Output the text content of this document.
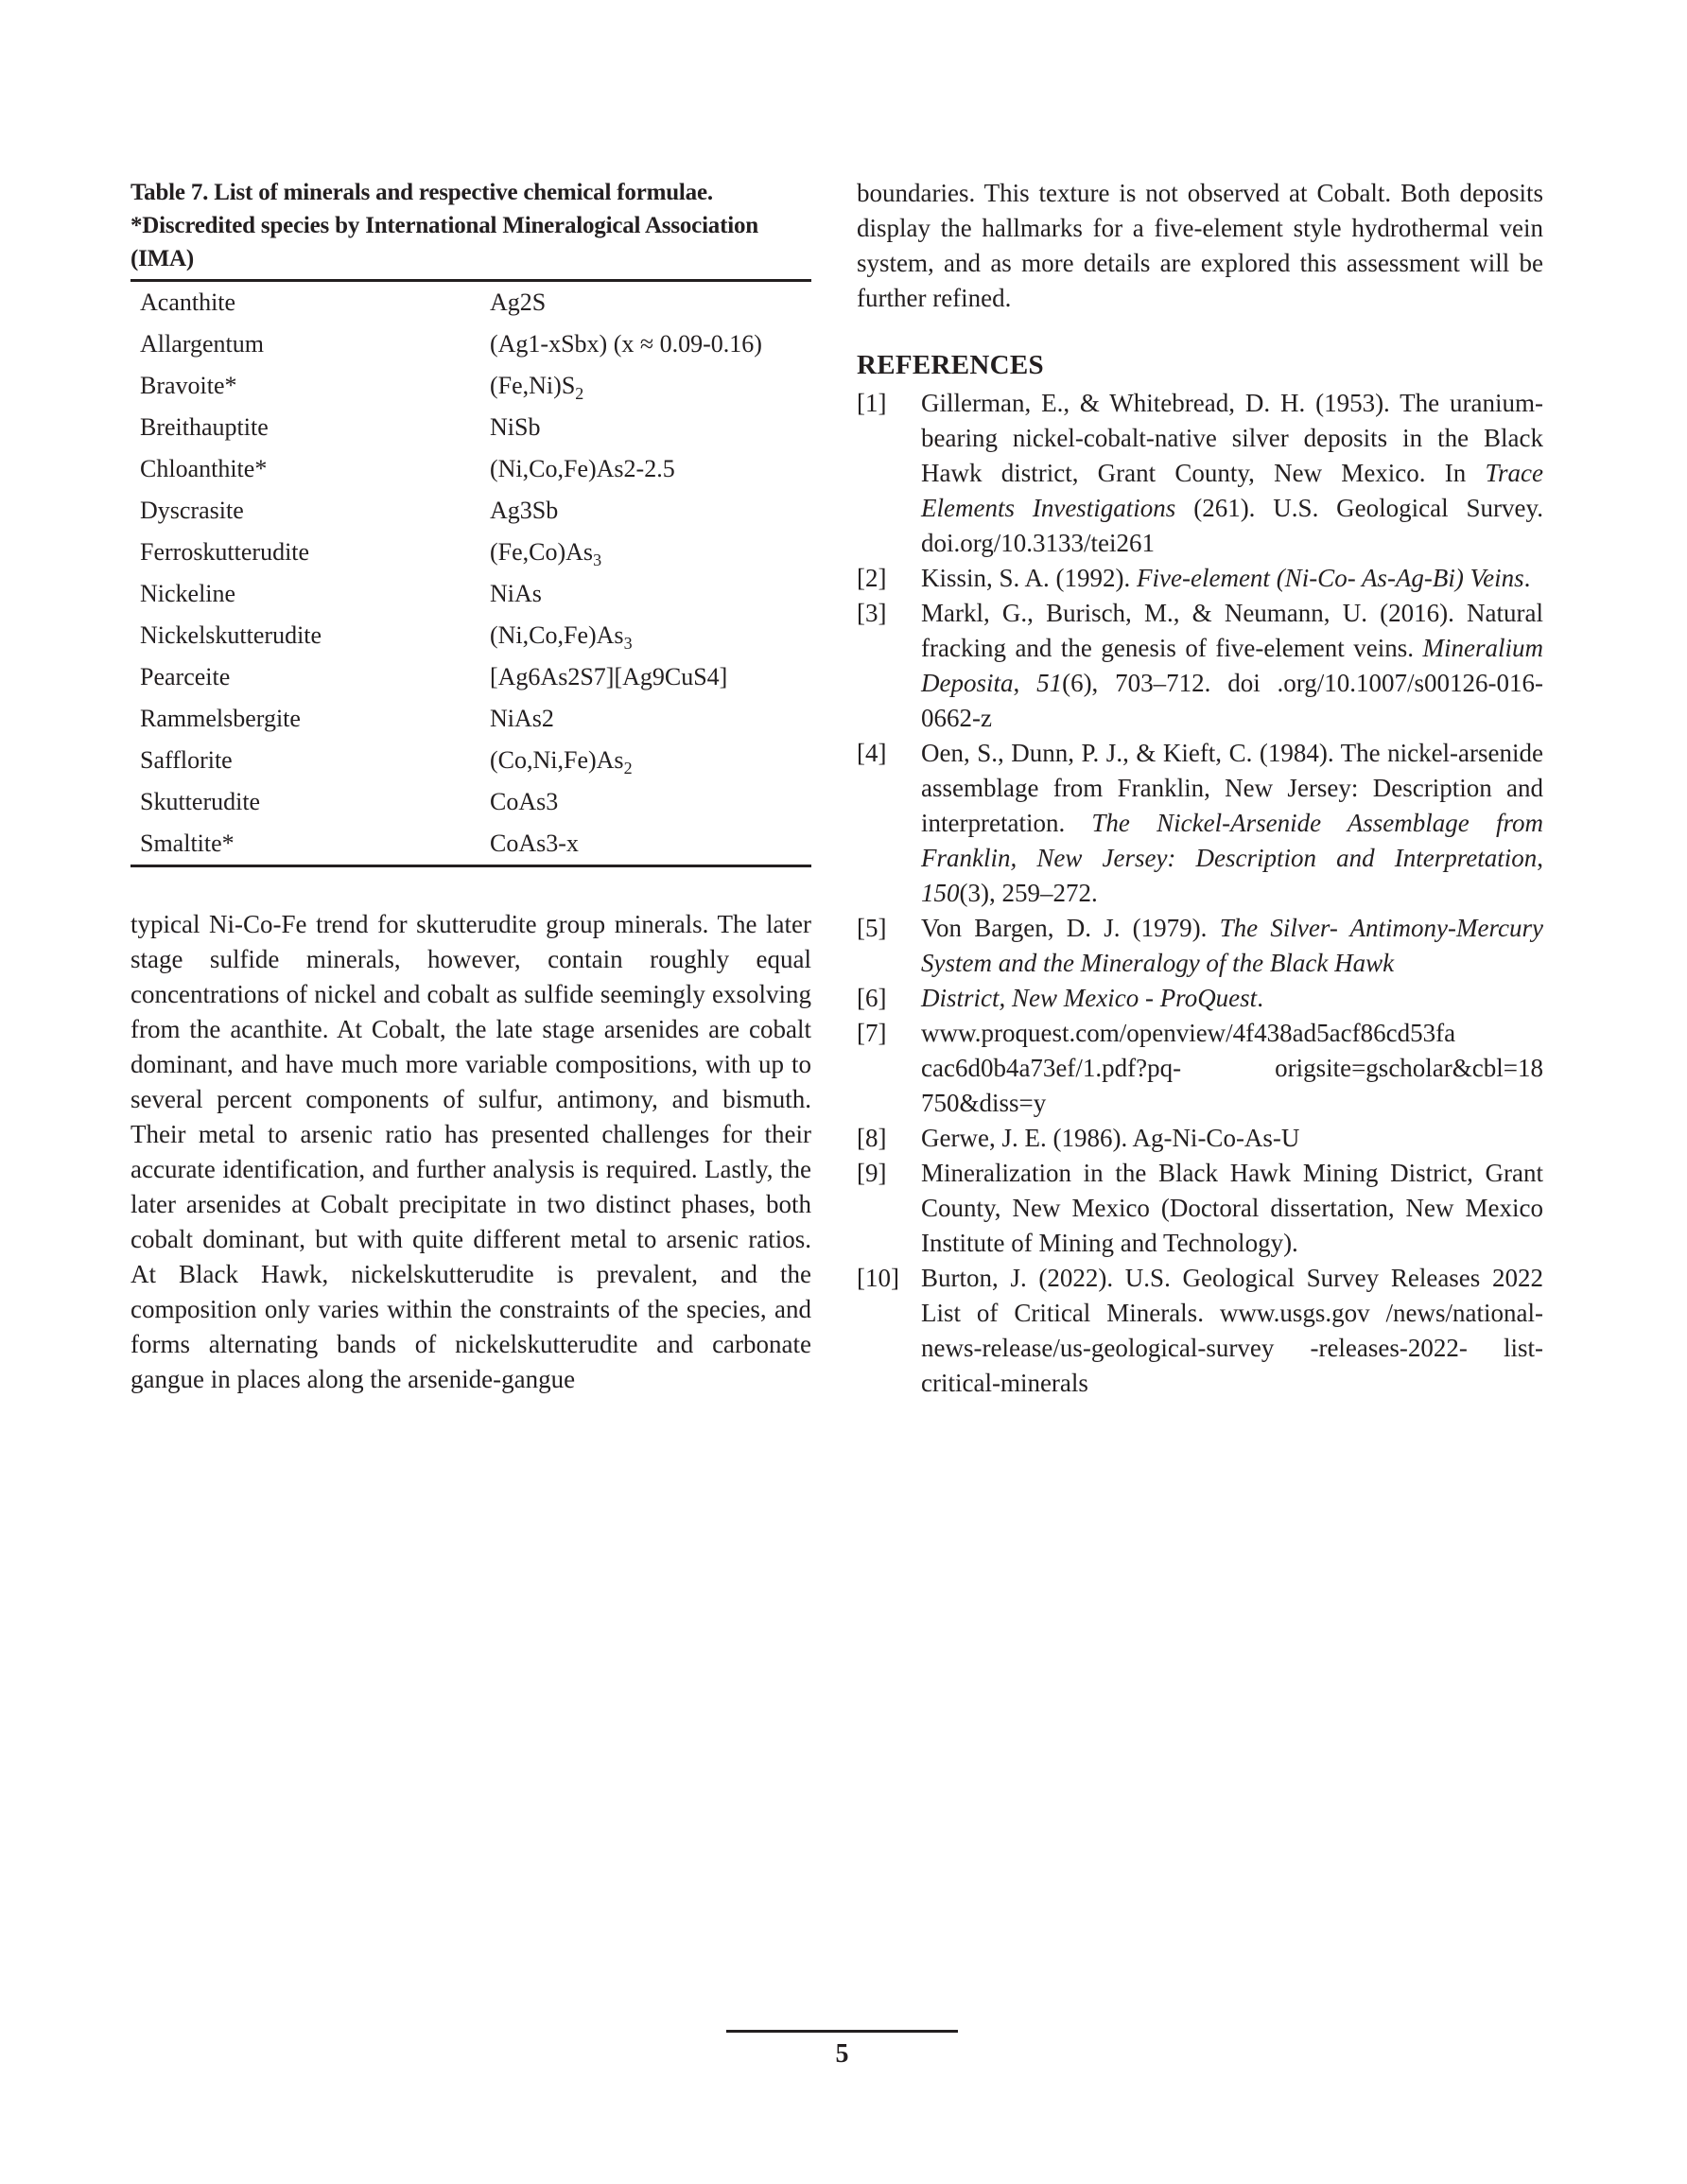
Table 7. List of minerals and respective chemical formulae.
*Discredited species by International Mineralogical Association (IMA)

Acanthite	Ag2S
Allargentum	(Ag1-xSbx) (x ≈ 0.09-0.16)
Bravoite*	$(Fe,Ni)S_2$
Breithauptite	NiSb
Chloanthite*	(Ni,Co,Fe)As2-2.5
Dyscrasite	Ag3Sb
Ferroskutterudite	$(Fe,Co)As_3$
Nickeline	NiAs
Nickelskutterudite	$(Ni,Co,Fe)As_3$
Pearceite	[Ag6As2S7][Ag9CuS4]
Rammelsbergite	NiAs2
Safflorite	$(Co,Ni,Fe)As_2$
Skutterudite	CoAs3
Smaltite*	CoAs3-x

typical Ni-Co-Fe trend for skutterudite group minerals. The later stage sulfide minerals, however, contain roughly equal concentrations of nickel and cobalt as sulfide seemingly exsolving from the acanthite. At Cobalt, the late stage arsenides are cobalt dominant, and have much more variable compositions, with up to several percent components of sulfur, antimony, and bismuth. Their metal to arsenic ratio has presented challenges for their accurate identification, and further analysis is required. Lastly, the later arsenides at Cobalt precipitate in two distinct phases, both cobalt dominant, but with quite different metal to arsenic ratios. At Black Hawk, nickelskutterudite is prevalent, and the composition only varies within the constraints of the species, and forms alternating bands of nickelskutterudite and carbonate gangue in places along the arsenide-gangue

boundaries. This texture is not observed at Cobalt. Both deposits display the hallmarks for a five-element style hydrothermal vein system, and as more details are explored this assessment will be further refined.

REFERENCES
[1]	Gillerman, E., & Whitebread, D. H. (1953). The uranium-bearing nickel-cobalt-native silver deposits in the Black Hawk district, Grant County, New Mexico. In Trace Elements Investigations (261). U.S. Geological Survey. doi.org/10.3133/tei261
[2]	Kissin, S. A. (1992). Five-element (Ni-Co- As-Ag-Bi) Veins.
[3]	Markl, G., Burisch, M., & Neumann, U. (2016). Natural fracking and the genesis of five-element veins. Mineralium Deposita, 51(6), 703–712. doi .org/10.1007/s00126-016-0662-z
[4]	Oen, S., Dunn, P. J., & Kieft, C. (1984). The nickel-arsenide assemblage from Franklin, New Jersey: Description and interpretation. The Nickel-Arsenide Assemblage from Franklin, New Jersey: Description and Interpretation, 150(3), 259–272.
[5]	Von Bargen, D. J. (1979). The Silver- Antimony-Mercury System and the Mineralogy of the Black Hawk
[6]	District, New Mexico - ProQuest.
[7]	www.proquest.com/openview/4f438ad5acf86cd53fa cac6d0b4a73ef/1.pdf?pq- origsite=gscholar&cbl=18 750&diss=y
[8]	Gerwe, J. E. (1986). Ag-Ni-Co-As-U
[9]	Mineralization in the Black Hawk Mining District, Grant County, New Mexico (Doctoral dissertation, New Mexico Institute of Mining and Technology).
[10] Burton, J. (2022). U.S. Geological Survey Releases 2022 List of Critical Minerals. www.usgs.gov /news/national-news-release/us-geological-survey -releases-2022- list-critical-minerals
5
